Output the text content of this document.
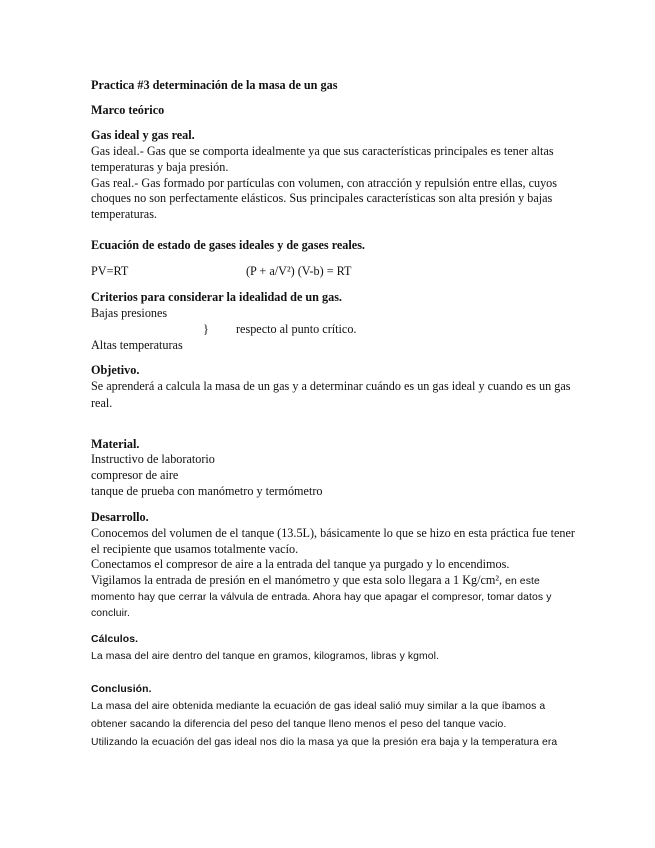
Practica #3 determinación de la masa de un gas
Marco teórico
Gas ideal y gas real.
Gas ideal.- Gas que se comporta idealmente ya que sus características principales es tener altas
temperaturas y baja presión.
Gas real.- Gas formado por partículas con volumen, con atracción y repulsión entre ellas, cuyos
choques no son perfectamente elásticos. Sus principales características son alta presión y bajas
temperaturas.
Ecuación de estado de gases ideales y de gases reales.
PV=RT	(P + a/V²) (V-b) = RT
Criterios para considerar la idealidad de un gas.
Bajas presiones
} respecto al punto crítico.
Altas temperaturas
Objetivo.
Se aprenderá a calcula la masa de un gas y a determinar cuándo es un gas ideal y cuando es un gas
real.
Material.
Instructivo de laboratorio
compresor de aire
tanque de prueba con manómetro y termómetro
Desarrollo.
Conocemos del volumen de el tanque (13.5L), básicamente lo que se hizo en esta práctica fue tener
el recipiente que usamos totalmente vacío.
Conectamos el compresor de aire a la entrada del tanque ya purgado y lo encendimos.
Vigilamos la entrada de presión en el manómetro y que esta solo llegara a 1 Kg/cm², en este
momento hay que cerrar la válvula de entrada. Ahora hay que apagar el compresor, tomar datos y
concluir.
Cálculos.
La masa del aire dentro del tanque en gramos, kilogramos, libras y kgmol.
Conclusión.
La masa del aire obtenida mediante la ecuación de gas ideal salió muy similar a la que íbamos a
obtener sacando la diferencia del peso del tanque lleno menos el peso del tanque vacio.
Utilizando la ecuación del gas ideal nos dio la masa ya que la presión era baja y la temperatura era
